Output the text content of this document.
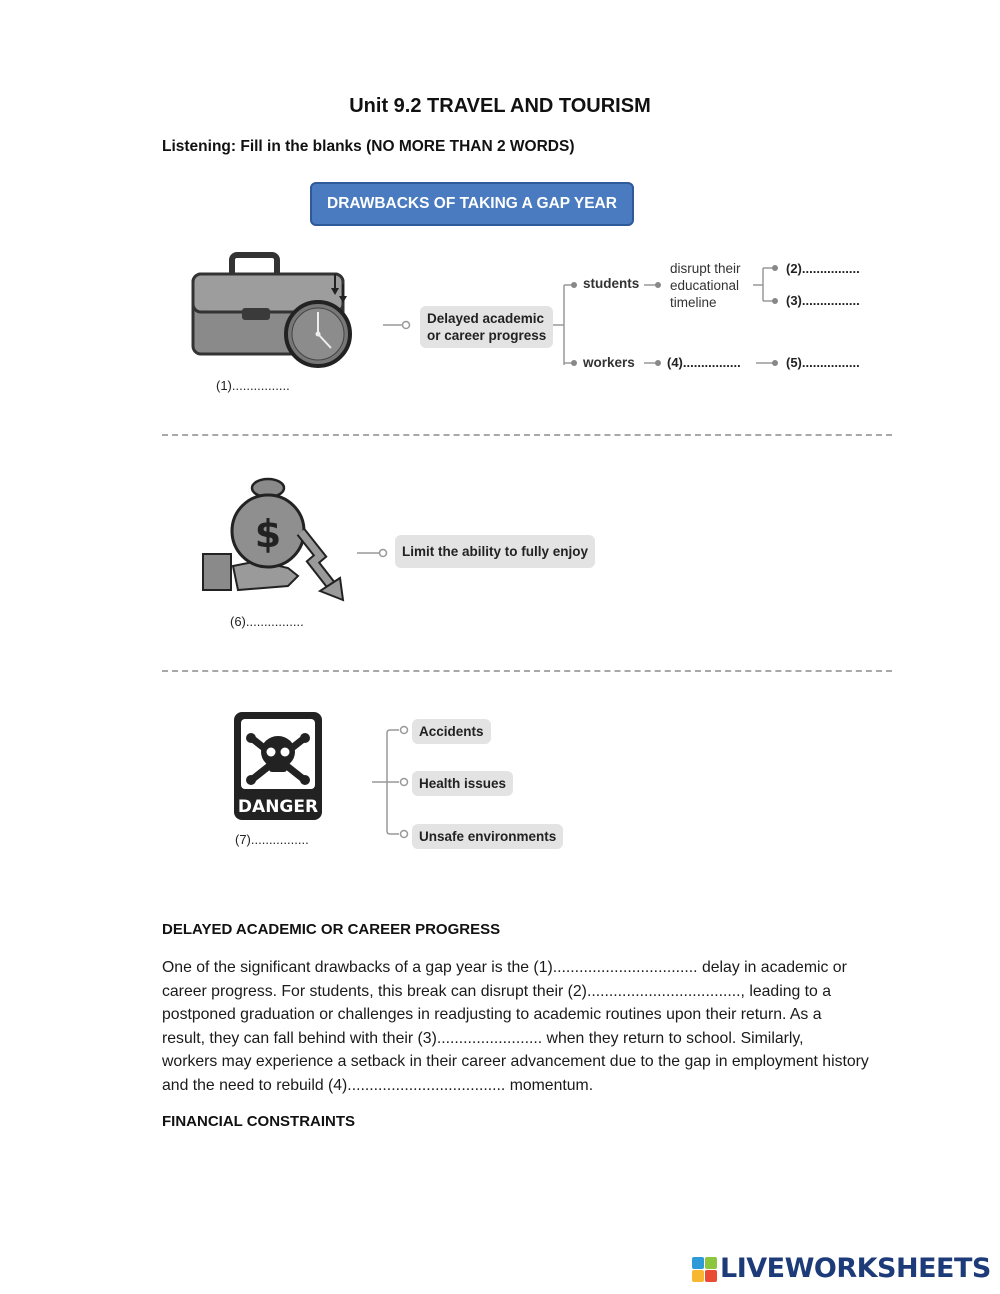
Unit 9.2 TRAVEL AND TOURISM
Listening: Fill in the blanks (NO MORE THAN 2 WORDS)
DRAWBACKS OF TAKING A GAP YEAR
(1)................
Delayed academic
or career progress
students
disrupt their
educational
timeline
(2)................
(3)................
workers (4)................	(5)................
$
(6)................
Limit the ability to fully enjoy
DANGER
(7)................
Accidents
Health issues
Unsafe environments
DELAYED ACADEMIC OR CAREER PROGRESS
One of the significant drawbacks of a gap year is the (1)................................. delay in academic or
career progress. For students, this break can disrupt their (2)..................................., leading to a
postponed graduation or challenges in readjusting to academic routines upon their return. As a
result, they can fall behind with their (3)........................ when they return to school. Similarly,
workers may experience a setback in their career advancement due to the gap in employment history
and the need to rebuild (4).................................... momentum.
FINANCIAL CONSTRAINTS
LIVEWORKSHEETS
